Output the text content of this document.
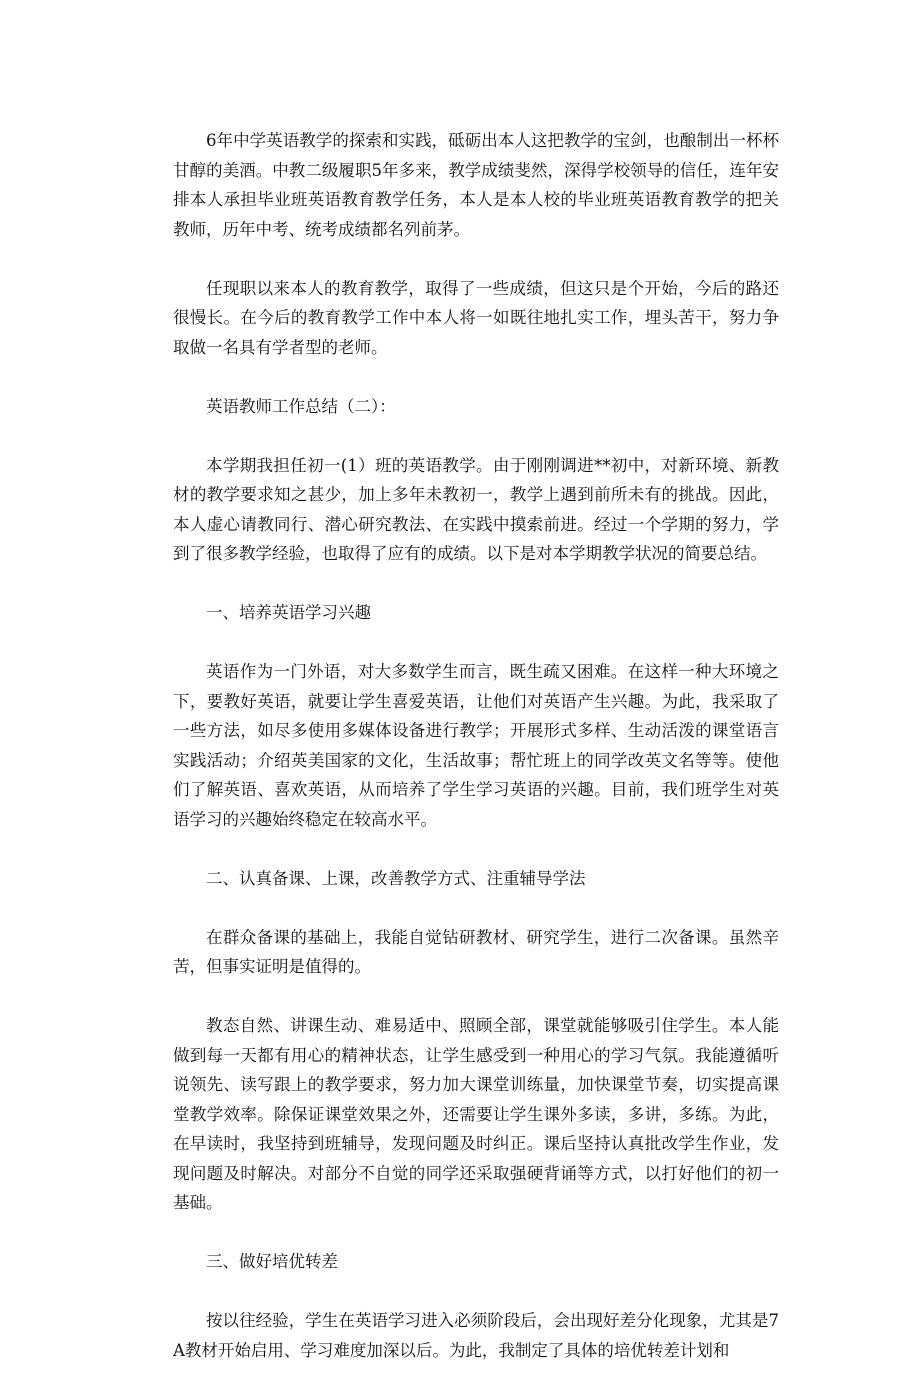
6年中学英语教学的探索和实践，砥砺出本人这把教学的宝剑，也酿制出一杯杯甘醇的美酒。中教二级履职5年多来，教学成绩斐然，深得学校领导的信任，连年安排本人承担毕业班英语教育教学任务，本人是本人校的毕业班英语教育教学的把关教师，历年中考、统考成绩都名列前茅。

任现职以来本人的教育教学，取得了一些成绩，但这只是个开始，今后的路还很慢长。在今后的教育教学工作中本人将一如既往地扎实工作，埋头苦干，努力争取做一名具有学者型的老师。

英语教师工作总结（二）：

本学期我担任初一(1）班的英语教学。由于刚刚调进**初中，对新环境、新教材的教学要求知之甚少，加上多年未教初一，教学上遇到前所未有的挑战。因此，本人虚心请教同行、潜心研究教法、在实践中摸索前进。经过一个学期的努力，学到了很多教学经验，也取得了应有的成绩。以下是对本学期教学状况的简要总结。

一、培养英语学习兴趣

英语作为一门外语，对大多数学生而言，既生疏又困难。在这样一种大环境之下，要教好英语，就要让学生喜爱英语，让他们对英语产生兴趣。为此，我采取了一些方法，如尽多使用多媒体设备进行教学；开展形式多样、生动活泼的课堂语言实践活动；介绍英美国家的文化，生活故事；帮忙班上的同学改英文名等等。使他们了解英语、喜欢英语，从而培养了学生学习英语的兴趣。目前，我们班学生对英语学习的兴趣始终稳定在较高水平。

二、认真备课、上课，改善教学方式、注重辅导学法

在群众备课的基础上，我能自觉钻研教材、研究学生，进行二次备课。虽然辛苦，但事实证明是值得的。

教态自然、讲课生动、难易适中、照顾全部，课堂就能够吸引住学生。本人能做到每一天都有用心的精神状态，让学生感受到一种用心的学习气氛。我能遵循听说领先、读写跟上的教学要求，努力加大课堂训练量，加快课堂节奏，切实提高课堂教学效率。除保证课堂效果之外，还需要让学生课外多读，多讲，多练。为此，在早读时，我坚持到班辅导，发现问题及时纠正。课后坚持认真批改学生作业，发现问题及时解决。对部分不自觉的同学还采取强硬背诵等方式，以打好他们的初一基础。

三、做好培优转差

按以往经验，学生在英语学习进入必须阶段后，会出现好差分化现象，尤其是7A教材开始启用、学习难度加深以后。为此，我制定了具体的培优转差计划和
